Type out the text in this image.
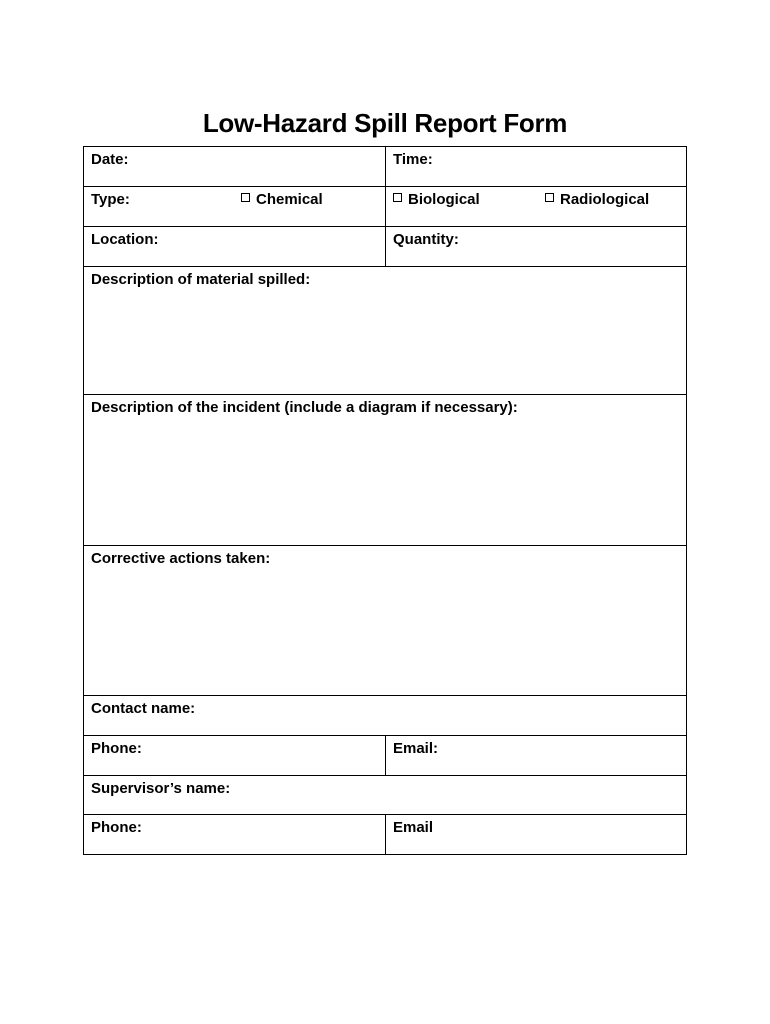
Low-Hazard Spill Report Form
Date:	Time:
Type:	Chemical	Biological	Radiological
Location:	Quantity:
Description of material spilled:
Description of the incident (include a diagram if necessary):
Corrective actions taken:
Contact name:
Phone:	Email:
Supervisor’s name:
Phone:	Email
